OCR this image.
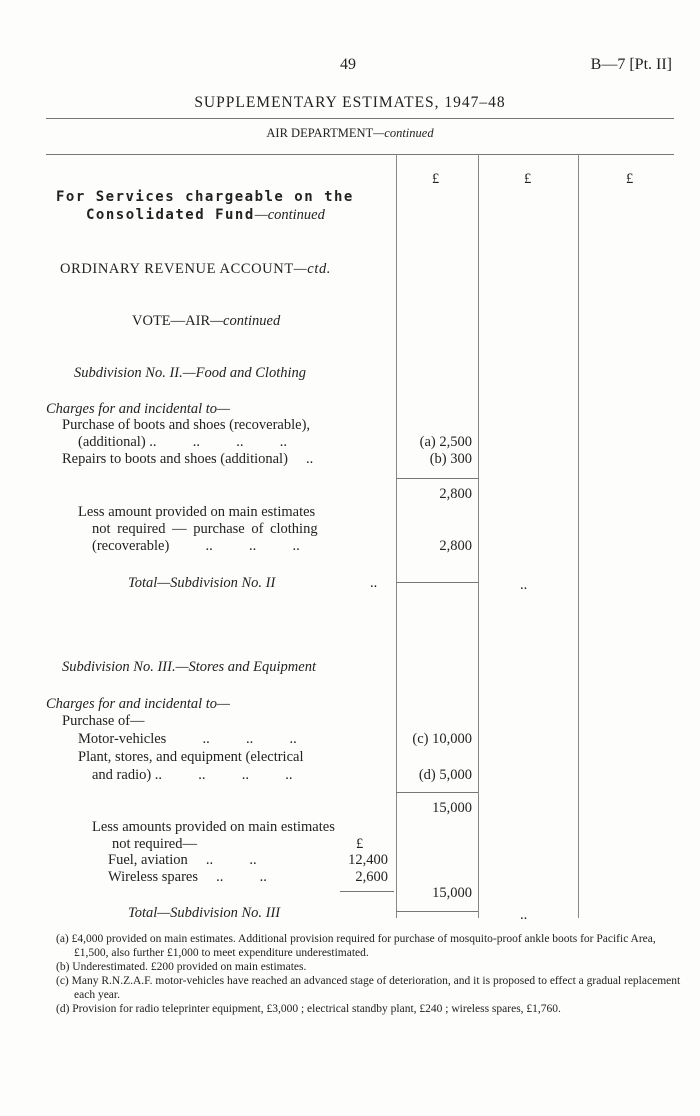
49	B—7 [Pt. II]
SUPPLEMENTARY ESTIMATES, 1947–48
AIR DEPARTMENT—continued
£	£	£
For Services chargeable on the
Consolidated Fund—continued
ORDINARY REVENUE ACCOUNT—ctd.
VOTE—AIR—continued
Subdivision No. II.—Food and Clothing
Charges for and incidental to—
Purchase of boots and shoes (recoverable),
(additional) ..          ..          ..          ..	(a) 2,500
Repairs to boots and shoes (additional)     ..	(b) 300
2,800
Less amount provided on main estimates
not required — purchase of clothing
(recoverable)          ..          ..          ..	2,800
Total—Subdivision No. II	..	..
Subdivision No. III.—Stores and Equipment
Charges for and incidental to—
Purchase of—
Motor-vehicles          ..          ..          ..	(c) 10,000
Plant, stores, and equipment (electrical
and radio) ..          ..          ..          ..	(d) 5,000
15,000
Less amounts provided on main estimates
not required—	£
Fuel, aviation     ..          ..	12,400
Wireless spares     ..          ..	2,600
15,000
Total—Subdivision No. III	..
(a) £4,000 provided on main estimates. Additional provision required for purchase of mosquito-proof ankle boots for Pacific Area, £1,500, also further £1,000 to meet expenditure underestimated.
(b) Underestimated. £200 provided on main estimates.
(c) Many R.N.Z.A.F. motor-vehicles have reached an advanced stage of deterioration, and it is proposed to effect a gradual replacement each year.
(d) Provision for radio teleprinter equipment, £3,000 ; electrical standby plant, £240 ; wireless spares, £1,760.
